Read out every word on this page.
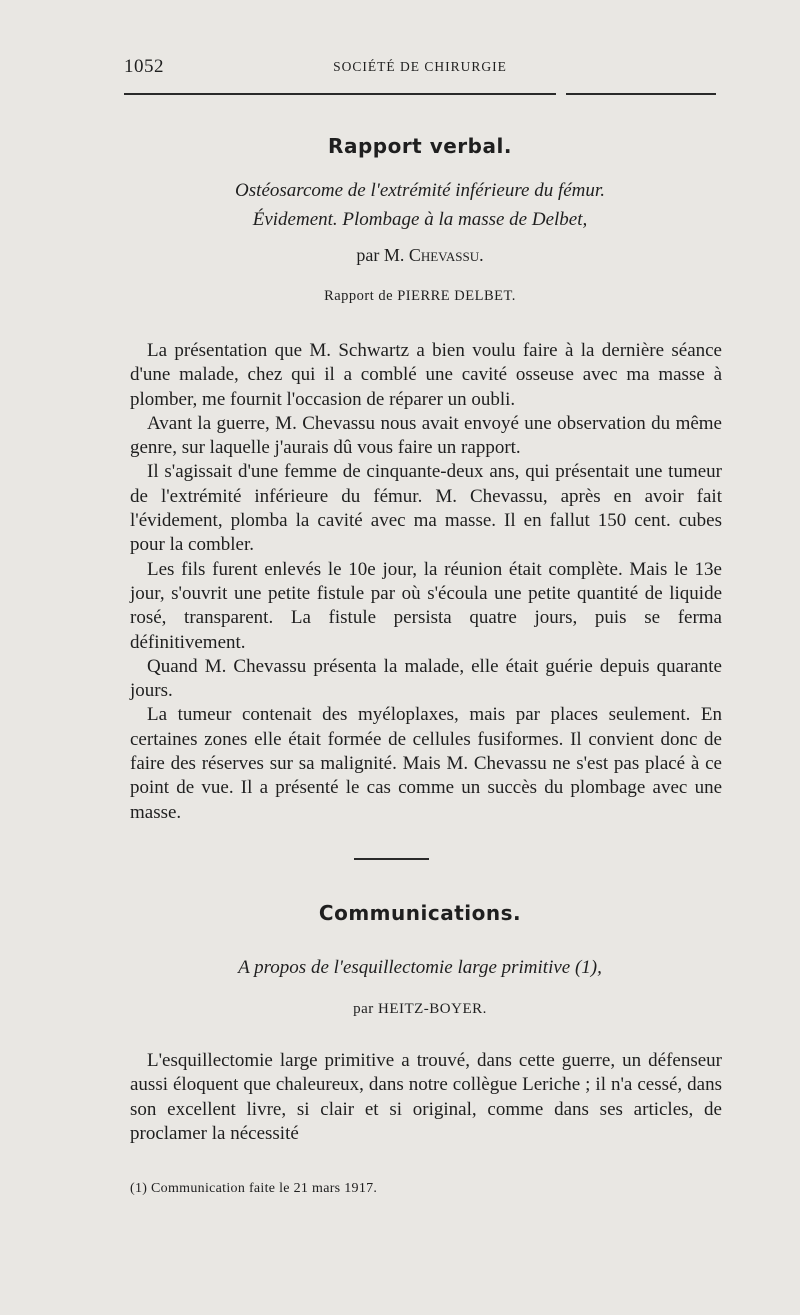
1052	SOCIÉTÉ DE CHIRURGIE
Rapport verbal.
Ostéosarcome de l'extrémité inférieure du fémur.
Évidement. Plombage à la masse de Delbet,
par M. Chevassu.
Rapport de PIERRE DELBET.

La présentation que M. Schwartz a bien voulu faire à la dernière séance d'une malade, chez qui il a comblé une cavité osseuse avec ma masse à plomber, me fournit l'occasion de réparer un oubli.

Avant la guerre, M. Chevassu nous avait envoyé une observation du même genre, sur laquelle j'aurais dû vous faire un rapport.

Il s'agissait d'une femme de cinquante-deux ans, qui présentait une tumeur de l'extrémité inférieure du fémur. M. Chevassu, après en avoir fait l'évidement, plomba la cavité avec ma masse. Il en fallut 150 cent. cubes pour la combler.

Les fils furent enlevés le 10e jour, la réunion était complète. Mais le 13e jour, s'ouvrit une petite fistule par où s'écoula une petite quantité de liquide rosé, transparent. La fistule persista quatre jours, puis se ferma définitivement.

Quand M. Chevassu présenta la malade, elle était guérie depuis quarante jours.

La tumeur contenait des myéloplaxes, mais par places seulement. En certaines zones elle était formée de cellules fusiformes. Il convient donc de faire des réserves sur sa malignité. Mais M. Chevassu ne s'est pas placé à ce point de vue. Il a présenté le cas comme un succès du plombage avec une masse.

Communications.
A propos de l'esquillectomie large primitive (1),
par HEITZ-BOYER.

L'esquillectomie large primitive a trouvé, dans cette guerre, un défenseur aussi éloquent que chaleureux, dans notre collègue Leriche ; il n'a cessé, dans son excellent livre, si clair et si original, comme dans ses articles, de proclamer la nécessité

(1) Communication faite le 21 mars 1917.
